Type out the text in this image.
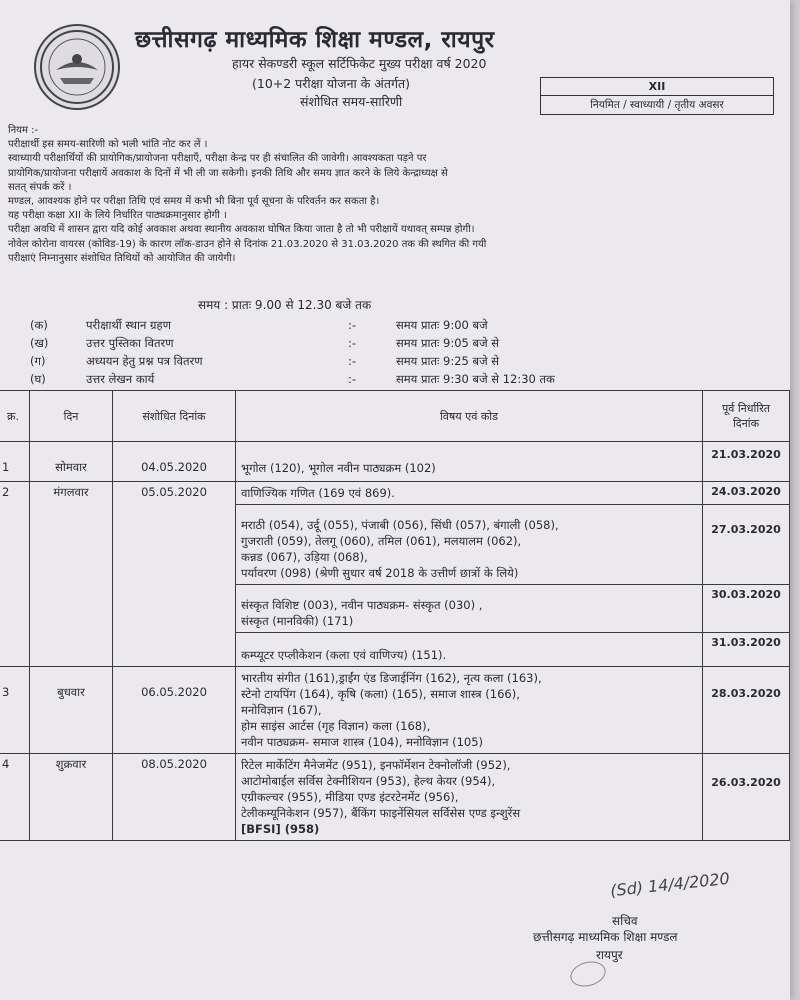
छत्तीसगढ़ माध्यमिक शिक्षा मण्डल, रायपुर
हायर सेकण्डरी स्कूल सर्टिफिकेट मुख्य परीक्षा वर्ष 2020
(10+2 परीक्षा योजना के अंतर्गत)
संशोधित समय-सारिणी
XII
नियमित / स्वाध्यायी / तृतीय अवसर
नियम :-
परीक्षार्थी इस समय-सारिणी को भली भांति नोट कर लें ।
स्वाध्यायी परीक्षार्थियों की प्रायोगिक/प्रायोजना परीक्षाएँ, परीक्षा केन्द्र पर ही संचालित की जावेगी। आवश्यकता पड़ने पर
प्रायोगिक/प्रायोजना परीक्षायें अवकाश के दिनों में भी ली जा सकेगी। इनकी तिथि और समय ज्ञात करने के लिये केन्द्राध्यक्ष से
सतत् संपर्क करें ।
मण्डल, आवश्यक होने पर परीक्षा तिथि एवं समय में कभी भी बिना पूर्व सूचना के परिवर्तन कर सकता है।
यह परीक्षा कक्षा XII के लिये निर्धारित पाठ्यक्रमानुसार होगी ।
परीक्षा अवधि में शासन द्वारा यदि कोई अवकाश अथवा स्थानीय अवकाश घोषित किया जाता है तो भी परीक्षायें यथावत् सम्पन्न होगी।
नोवेल कोरोना वायरस (कोविड-19) के कारण लॉक-डाउन होने से दिनांक 21.03.2020 से 31.03.2020 तक की स्थगित की गयी
परीक्षाएं निम्नानुसार संशोधित तिथियों को आयोजित की जायेगी।
समय : प्रातः 9.00 से 12.30 बजे तक
(क)	परीक्षार्थी स्थान ग्रहण	:-	समय प्रातः 9:00 बजे
(ख)	उत्तर पुस्तिका वितरण	:-	समय प्रातः 9:05 बजे से
(ग)	अध्ययन हेतु प्रश्न पत्र वितरण	:-	समय प्रातः 9:25 बजे से
(घ)	उत्तर लेखन कार्य	:-	समय प्रातः 9:30 बजे से 12:30 तक
क्र.	दिन	संशोधित दिनांक	विषय एवं कोड	पूर्व निर्धारित दिनांक
1	सोमवार	04.05.2020	भूगोल (120), भूगोल नवीन पाठ्यक्रम (102)	21.03.2020
2	मंगलवार	05.05.2020	वाणिज्यिक गणित (169 एवं 869).	24.03.2020

			मराठी (054), उर्दू (055), पंजाबी (056), सिंधी (057), बंगाली (058),
गुजराती (059), तेलगू (060), तमिल (061), मलयालम (062),
कन्नड (067), उड़िया (068),
पर्यावरण (098) (श्रेणी सुधार वर्ष 2018 के उत्तीर्ण छात्रों के लिये)	27.03.2020

			संस्कृत विशिष्ट (003), नवीन पाठ्यक्रम- संस्कृत (030) ,
संस्कृत (मानविकी) (171)	30.03.2020

			कम्प्यूटर एप्लीकेशन (कला एवं वाणिज्य) (151).	31.03.2020
3	बुधवार	06.05.2020	भारतीय संगीत (161),ड्राईंग एंड डिजाईनिंग (162), नृत्य कला (163),
स्टेनो टायपिंग (164), कृषि (कला) (165), समाज शास्त्र (166),
मनोविज्ञान (167),
होम साइंस आर्टस (गृह विज्ञान) कला (168),
नवीन पाठ्यक्रम- समाज शास्त्र (104), मनोविज्ञान (105)	28.03.2020
4	शुक्रवार	08.05.2020	रिटेल मार्केटिंग मैनेजमेंट (951), इनफॉर्मेशन टेक्नोलॉजी (952),
आटोमोबाईल सर्विस टेक्नीशियन (953), हेल्थ केयर (954),
एग्रीकल्चर (955), मीडिया एण्ड इंटरटेनमेंट (956),
टेलीकम्यूनिकेशन (957), बैंकिंग फाइनेंसियल सर्विसेस एण्ड इन्शुरेंस
[BFSI] (958)	26.03.2020
(Sd) 14/4/2020
सचिव
छत्तीसगढ़ माध्यमिक शिक्षा मण्डल
रायपुर
